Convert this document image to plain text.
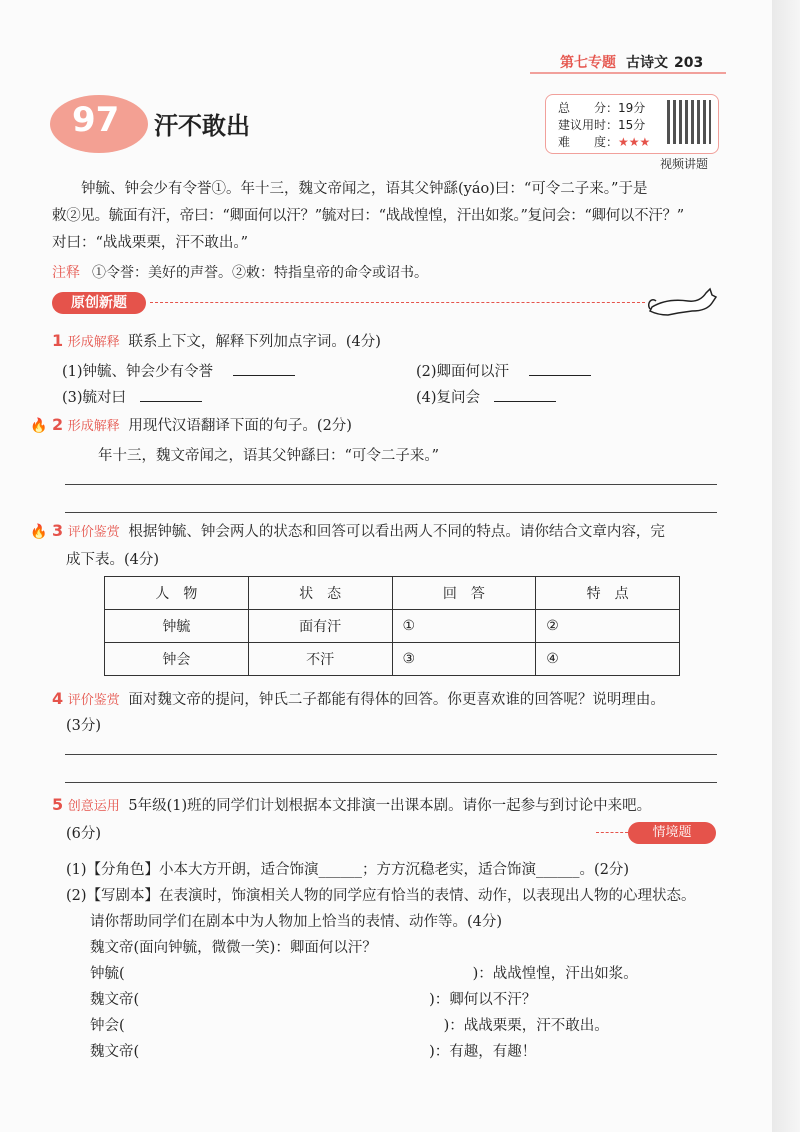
第七专题 古诗文 203
97 汗不敢出
总　　分：19分
建议用时：15分
难　　度：★★★
视频讲题
钟毓、钟会少有令誉①。年十三，魏文帝闻之，语其父钟繇(yáo)曰：“可令二子来。”于是
敕②见。毓面有汗，帝曰：“卿面何以汗？”毓对曰：“战战惶惶，汗出如浆。”复问会：“卿何以不汗？”
对曰：“战战栗栗，汗不敢出。”
注释 ①令誉：美好的声誉。②敕：特指皇帝的命令或诏书。
原创新题
1 形成解释 联系上下文，解释下列加点字词。(4分)
(1)钟毓、钟会少有令誉	(2)卿面何以汗
(3)毓对曰	(4)复问会
🔥 2 形成解释 用现代汉语翻译下面的句子。(2分)
年十三，魏文帝闻之，语其父钟繇曰：“可令二子来。”
🔥 3 评价鉴赏 根据钟毓、钟会两人的状态和回答可以看出两人不同的特点。请你结合文章内容，完
成下表。(4分)
人　物	状　态	回　答	特　点
钟毓	面有汗	①	②
钟会	不汗	③	④
4 评价鉴赏 面对魏文帝的提问，钟氏二子都能有得体的回答。你更喜欢谁的回答呢？说明理由。
(3分)
5 创意运用 5年级(1)班的同学们计划根据本文排演一出课本剧。请你一起参与到讨论中来吧。
(6分)	情境题
(1)【分角色】小本大方开朗，适合饰演______；方方沉稳老实，适合饰演______。(2分)
(2)【写剧本】在表演时，饰演相关人物的同学应有恰当的表情、动作，以表现出人物的心理状态。
请你帮助同学们在剧本中为人物加上恰当的表情、动作等。(4分)
魏文帝(面向钟毓，微微一笑)：卿面何以汗？
钟毓(　　　　　　　　　　　　　　　　　　　　　　　　)：战战惶惶，汗出如浆。
魏文帝(　　　　　　　　　　　　　　　　　　　　)：卿何以不汗？
钟会(　　　　　　　　　　　　　　　　　　　　　　)：战战栗栗，汗不敢出。
魏文帝(　　　　　　　　　　　　　　　　　　　　)：有趣，有趣！
